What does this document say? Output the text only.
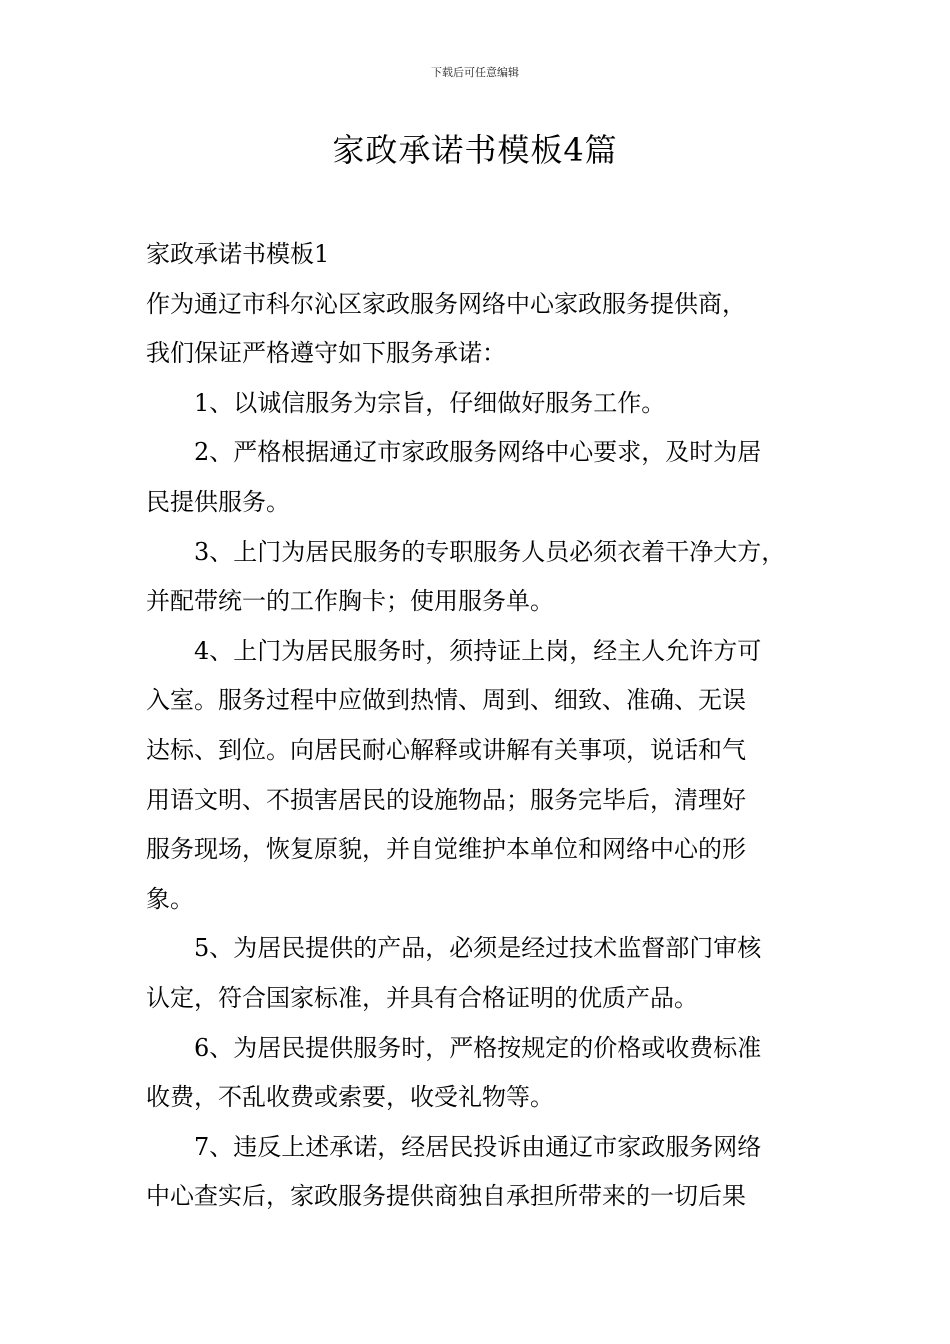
下载后可任意编辑
家政承诺书模板4篇
家政承诺书模板1
作为通辽市科尔沁区家政服务网络中心家政服务提供商，
我们保证严格遵守如下服务承诺：
1、以诚信服务为宗旨，仔细做好服务工作。
2、严格根据通辽市家政服务网络中心要求，及时为居
民提供服务。
3、上门为居民服务的专职服务人员必须衣着干净大方，
并配带统一的工作胸卡；使用服务单。
4、上门为居民服务时，须持证上岗，经主人允许方可
入室。服务过程中应做到热情、周到、细致、准确、无误
达标、到位。向居民耐心解释或讲解有关事项，说话和气
用语文明、不损害居民的设施物品；服务完毕后，清理好
服务现场，恢复原貌，并自觉维护本单位和网络中心的形
象。
5、为居民提供的产品，必须是经过技术监督部门审核
认定，符合国家标准，并具有合格证明的优质产品。
6、为居民提供服务时，严格按规定的价格或收费标准
收费，不乱收费或索要，收受礼物等。
7、违反上述承诺，经居民投诉由通辽市家政服务网络
中心查实后，家政服务提供商独自承担所带来的一切后果
